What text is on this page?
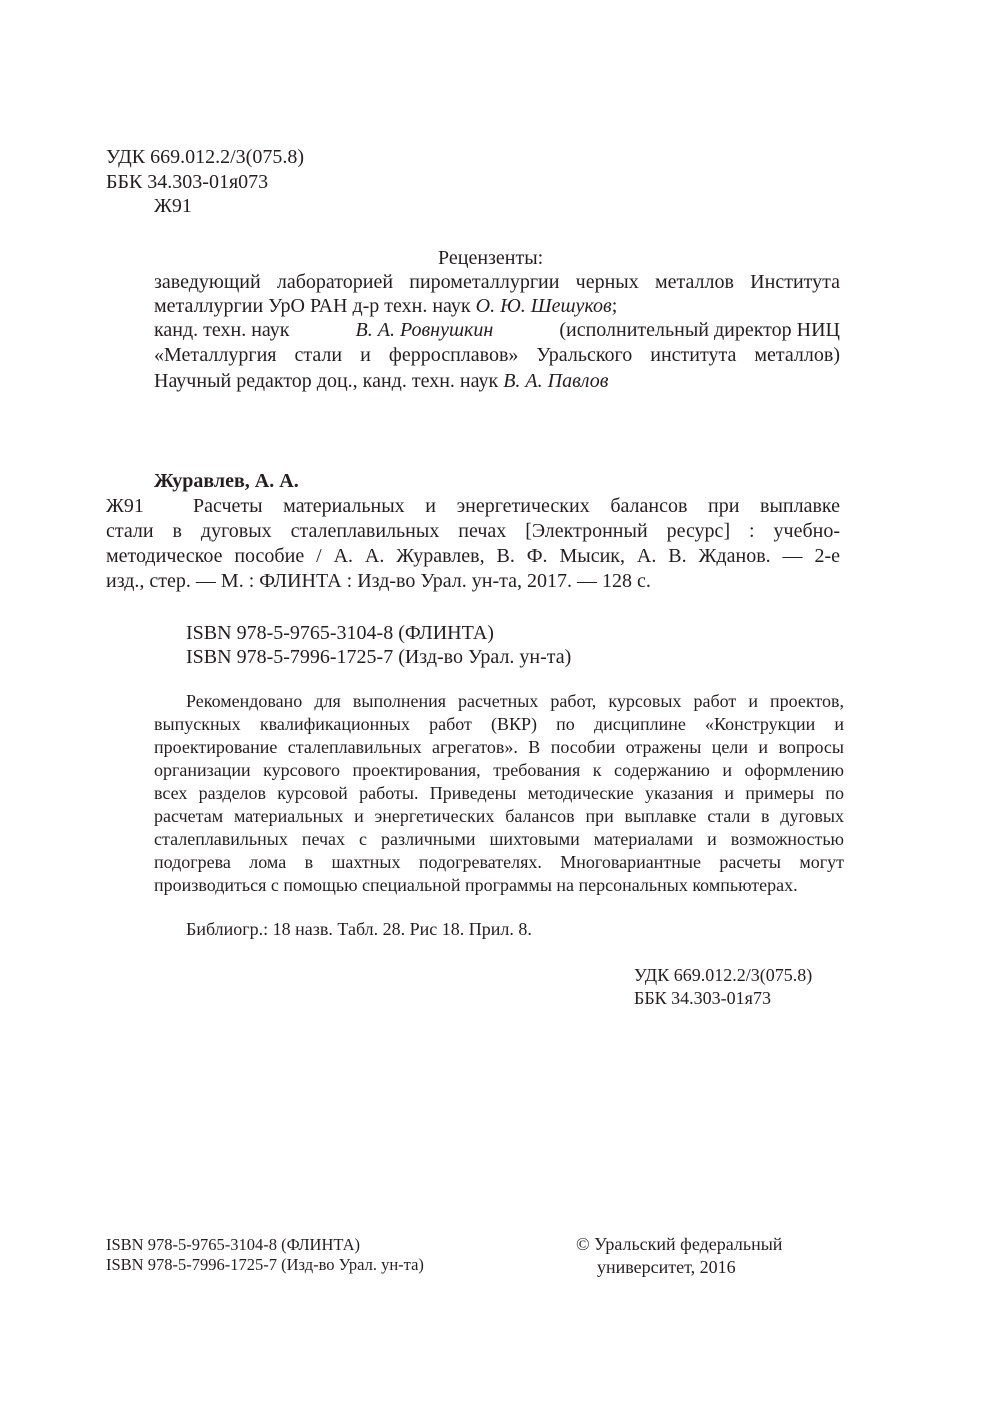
УДК 669.012.2/3(075.8)
ББК 34.303-01я073
Ж91
Рецензенты:
заведующий лабораторией пирометаллургии черных металлов Института
металлургии УрО РАН д-р техн. наук О. Ю. Шешуков;
канд. техн. наук	В. А. Ровнушкин	(исполнительный директор НИЦ
«Металлургия стали и ферросплавов» Уральского института металлов)
Научный редактор доц., канд. техн. наук В. А. Павлов
Журавлев, А. А.
Ж91 Расчеты материальных и энергетических балансов при выплавке
стали в дуговых сталеплавильных печах [Электронный ресурс] : учебно-
методическое пособие / А. А. Журавлев, В. Ф. Мысик, А. В. Жданов. — 2-е
изд., стер. — М. : ФЛИНТА : Изд-во Урал. ун-та, 2017. — 128 с.
ISBN 978-5-9765-3104-8 (ФЛИНТА)
ISBN 978-5-7996-1725-7 (Изд-во Урал. ун-та)
Рекомендовано для выполнения расчетных работ, курсовых работ и проектов,
выпускных квалификационных работ (ВКР) по дисциплине «Конструкции и
проектирование сталеплавильных агрегатов». В пособии отражены цели и вопросы
организации курсового проектирования, требования к содержанию и оформлению
всех разделов курсовой работы. Приведены методические указания и примеры по
расчетам материальных и энергетических балансов при выплавке стали в дуговых
сталеплавильных печах с различными шихтовыми материалами и возможностью
подогрева лома в шахтных подогревателях. Многовариантные расчеты могут
производиться с помощью специальной программы на персональных компьютерах.
Библиогр.: 18 назв. Табл. 28. Рис 18. Прил. 8.
УДК 669.012.2/3(075.8)
ББК 34.303-01я73
ISBN 978-5-9765-3104-8 (ФЛИНТА)
ISBN 978-5-7996-1725-7 (Изд-во Урал. ун-та)
© Уральский федеральный
университет, 2016
